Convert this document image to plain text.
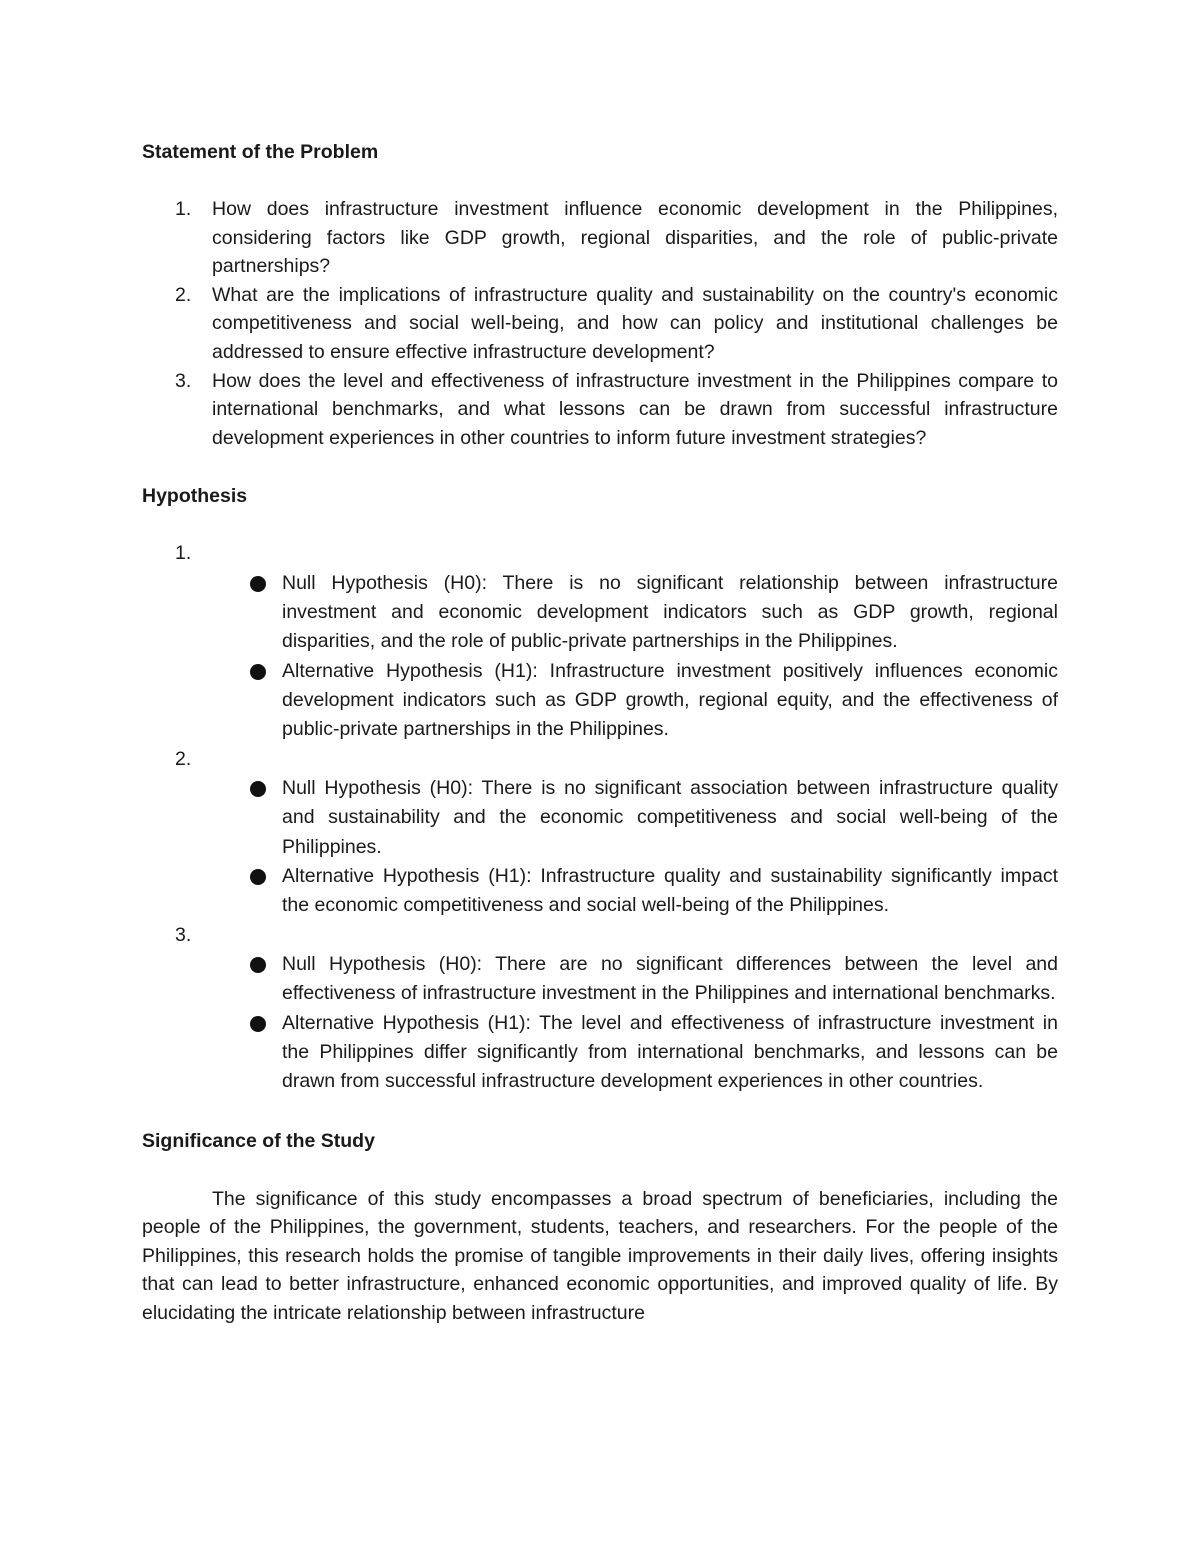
Statement of the Problem

1. How does infrastructure investment influence economic development in the Philippines, considering factors like GDP growth, regional disparities, and the role of public-private partnerships?
2. What are the implications of infrastructure quality and sustainability on the country's economic competitiveness and social well-being, and how can policy and institutional challenges be addressed to ensure effective infrastructure development?
3. How does the level and effectiveness of infrastructure investment in the Philippines compare to international benchmarks, and what lessons can be drawn from successful infrastructure development experiences in other countries to inform future investment strategies?

Hypothesis

1.
Null Hypothesis (H0): There is no significant relationship between infrastructure investment and economic development indicators such as GDP growth, regional disparities, and the role of public-private partnerships in the Philippines.
Alternative Hypothesis (H1): Infrastructure investment positively influences economic development indicators such as GDP growth, regional equity, and the effectiveness of public-private partnerships in the Philippines.
2.
Null Hypothesis (H0): There is no significant association between infrastructure quality and sustainability and the economic competitiveness and social well-being of the Philippines.
Alternative Hypothesis (H1): Infrastructure quality and sustainability significantly impact the economic competitiveness and social well-being of the Philippines.
3.
Null Hypothesis (H0): There are no significant differences between the level and effectiveness of infrastructure investment in the Philippines and international benchmarks.
Alternative Hypothesis (H1): The level and effectiveness of infrastructure investment in the Philippines differ significantly from international benchmarks, and lessons can be drawn from successful infrastructure development experiences in other countries.

Significance of the Study

The significance of this study encompasses a broad spectrum of beneficiaries, including the people of the Philippines, the government, students, teachers, and researchers. For the people of the Philippines, this research holds the promise of tangible improvements in their daily lives, offering insights that can lead to better infrastructure, enhanced economic opportunities, and improved quality of life. By elucidating the intricate relationship between infrastructure
